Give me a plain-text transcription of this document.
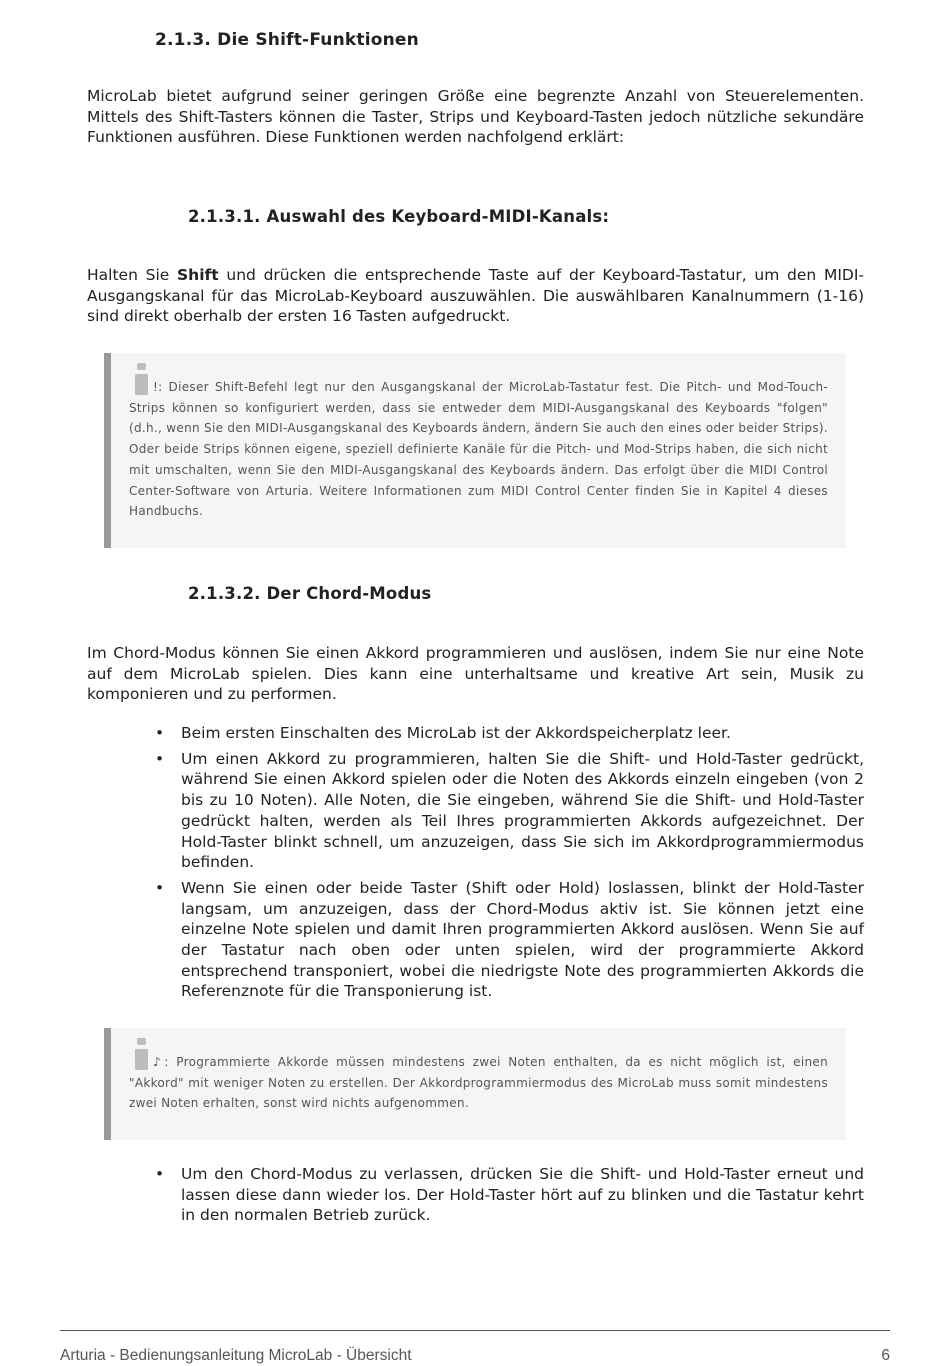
2.1.3. Die Shift-Funktionen

MicroLab bietet aufgrund seiner geringen Größe eine begrenzte Anzahl von Steuerelementen. Mittels des Shift-Tasters können die Taster, Strips und Keyboard-Tasten jedoch nützliche sekundäre Funktionen ausführen. Diese Funktionen werden nachfolgend erklärt:

2.1.3.1. Auswahl des Keyboard-MIDI-Kanals:

Halten Sie Shift und drücken die entsprechende Taste auf der Keyboard-Tastatur, um den MIDI-Ausgangskanal für das MicroLab-Keyboard auszuwählen. Die auswählbaren Kanalnummern (1-16) sind direkt oberhalb der ersten 16 Tasten aufgedruckt.

!: Dieser Shift-Befehl legt nur den Ausgangskanal der MicroLab-Tastatur fest. Die Pitch- und Mod-Touch-Strips können so konfiguriert werden, dass sie entweder dem MIDI-Ausgangskanal des Keyboards "folgen" (d.h., wenn Sie den MIDI-Ausgangskanal des Keyboards ändern, ändern Sie auch den eines oder beider Strips). Oder beide Strips können eigene, speziell definierte Kanäle für die Pitch- und Mod-Strips haben, die sich nicht mit umschalten, wenn Sie den MIDI-Ausgangskanal des Keyboards ändern. Das erfolgt über die MIDI Control Center-Software von Arturia. Weitere Informationen zum MIDI Control Center finden Sie in Kapitel 4 dieses Handbuchs.
2.1.3.2. Der Chord-Modus

Im Chord-Modus können Sie einen Akkord programmieren und auslösen, indem Sie nur eine Note auf dem MicroLab spielen. Dies kann eine unterhaltsame und kreative Art sein, Musik zu komponieren und zu performen.

• Beim ersten Einschalten des MicroLab ist der Akkordspeicherplatz leer.
• Um einen Akkord zu programmieren, halten Sie die Shift- und Hold-Taster gedrückt, während Sie einen Akkord spielen oder die Noten des Akkords einzeln eingeben (von 2 bis zu 10 Noten). Alle Noten, die Sie eingeben, während Sie die Shift- und Hold-Taster gedrückt halten, werden als Teil Ihres programmierten Akkords aufgezeichnet. Der Hold-Taster blinkt schnell, um anzuzeigen, dass Sie sich im Akkordprogrammiermodus befinden.
• Wenn Sie einen oder beide Taster (Shift oder Hold) loslassen, blinkt der Hold-Taster langsam, um anzuzeigen, dass der Chord-Modus aktiv ist. Sie können jetzt eine einzelne Note spielen und damit Ihren programmierten Akkord auslösen. Wenn Sie auf der Tastatur nach oben oder unten spielen, wird der programmierte Akkord entsprechend transponiert, wobei die niedrigste Note des programmierten Akkords die Referenznote für die Transponierung ist.
♪: Programmierte Akkorde müssen mindestens zwei Noten enthalten, da es nicht möglich ist, einen "Akkord" mit weniger Noten zu erstellen. Der Akkordprogrammiermodus des MicroLab muss somit mindestens zwei Noten erhalten, sonst wird nichts aufgenommen.
• Um den Chord-Modus zu verlassen, drücken Sie die Shift- und Hold-Taster erneut und lassen diese dann wieder los. Der Hold-Taster hört auf zu blinken und die Tastatur kehrt in den normalen Betrieb zurück.
Arturia - Bedienungsanleitung MicroLab - Übersicht	6
